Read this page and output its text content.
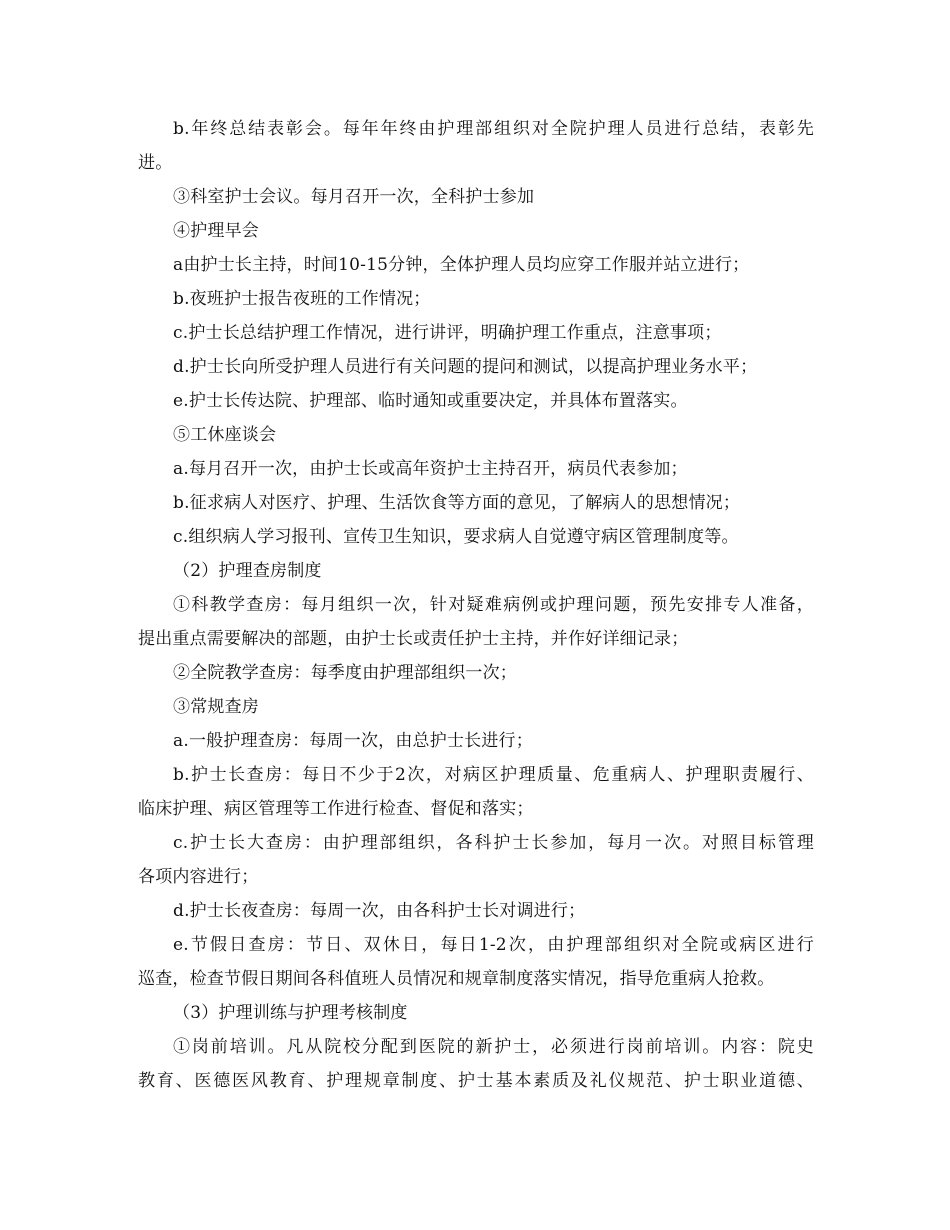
b.年终总结表彰会。每年年终由护理部组织对全院护理人员进行总结，表彰先
进。
③科室护士会议。每月召开一次，全科护士参加
④护理早会
a由护士长主持，时间10-15分钟，全体护理人员均应穿工作服并站立进行；
b.夜班护士报告夜班的工作情况；
c.护士长总结护理工作情况，进行讲评，明确护理工作重点，注意事项；
d.护士长向所受护理人员进行有关问题的提问和测试，以提高护理业务水平；
e.护士长传达院、护理部、临时通知或重要决定，并具体布置落实。
⑤工休座谈会
a.每月召开一次，由护士长或高年资护士主持召开，病员代表参加；
b.征求病人对医疗、护理、生活饮食等方面的意见，了解病人的思想情况；
c.组织病人学习报刊、宣传卫生知识，要求病人自觉遵守病区管理制度等。
（2）护理查房制度
①科教学查房：每月组织一次，针对疑难病例或护理问题，预先安排专人准备，
提出重点需要解决的部题，由护士长或责任护士主持，并作好详细记录；
②全院教学查房：每季度由护理部组织一次；
③常规查房
a.一般护理查房：每周一次，由总护士长进行；
b.护士长查房：每日不少于2次，对病区护理质量、危重病人、护理职责履行、
临床护理、病区管理等工作进行检查、督促和落实；
c.护士长大查房：由护理部组织，各科护士长参加，每月一次。对照目标管理
各项内容进行；
d.护士长夜查房：每周一次，由各科护士长对调进行；
e.节假日查房：节日、双休日，每日1-2次，由护理部组织对全院或病区进行
巡查，检查节假日期间各科值班人员情况和规章制度落实情况，指导危重病人抢救。
（3）护理训练与护理考核制度
①岗前培训。凡从院校分配到医院的新护士，必须进行岗前培训。内容：院史
教育、医德医风教育、护理规章制度、护士基本素质及礼仪规范、护士职业道德、
